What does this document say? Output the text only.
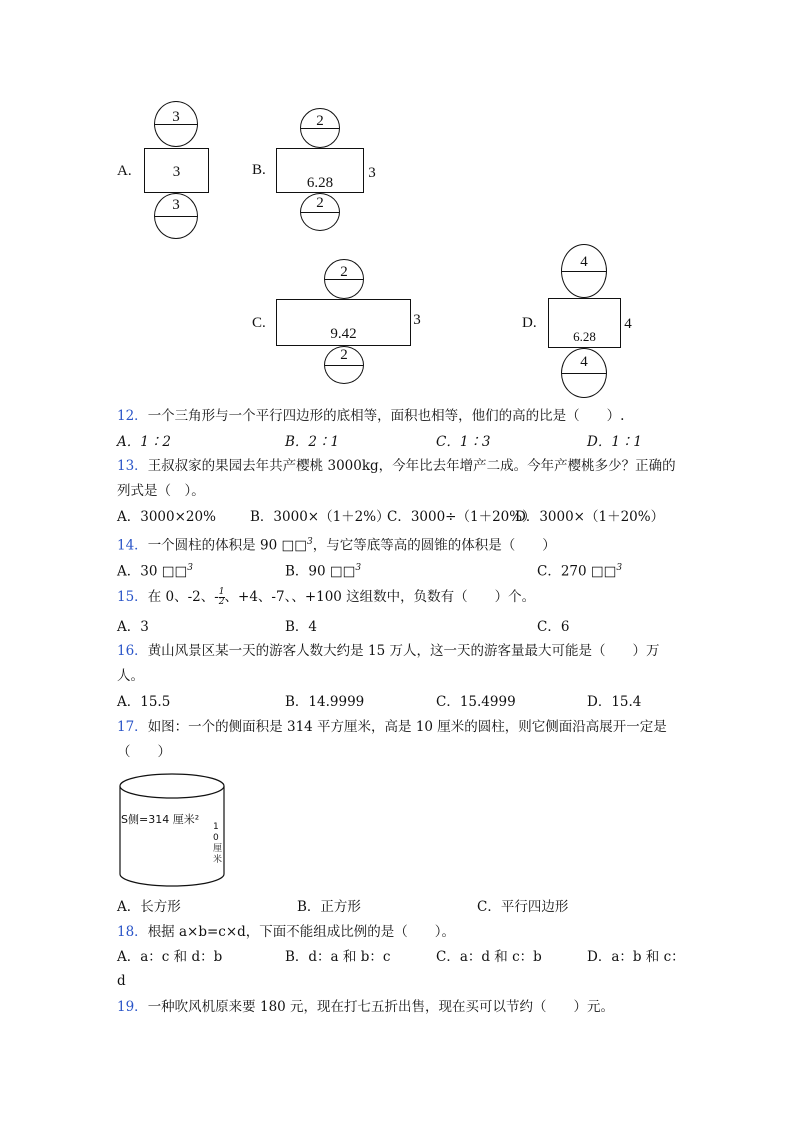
A.
3
3
3
B.
2
6.28
3
2
C.
2
9.42
3
2
D.
4
6.28
4
4
12．一个三角形与一个平行四边形的底相等，面积也相等，他们的高的比是（　　）.
A．1∶2	B．2∶1	C．1∶3	D．1∶1
13．王叔叔家的果园去年共产樱桃 3000kg，今年比去年增产二成。今年产樱桃多少？正确的
列式是（　）。
A．3000×20%	B．3000×（1＋2%）
C．3000÷（1＋20%）
D．3000×（1＋20%）
14．一个圆柱的体积是 90 □□$^3$，与它等底等高的圆锥的体积是（　　）
A．30 □□$^3$	B．90 □□$^3$	C．270 □□$^3$
15．在 0、-2、- $\frac{1}{2}$ 、+4、-7、、+100 这组数中，负数有（　　）个。
A．3	B．4	C．6
16．黄山风景区某一天的游客人数大约是 15 万人，这一天的游客量最大可能是（　　）万
人。
A．15.5	B．14.9999	C．15.4999	D．15.4
17．如图：一个的侧面积是 314 平方厘米，高是 10 厘米的圆柱，则它侧面沿高展开一定是
（　　）
S侧=314 厘米²
10厘米
A．长方形	B．正方形	C．平行四边形
18．根据 a×b=c×d，下面不能组成比例的是（　　）。
A．a：c 和 d：b	B．d：a 和 b：c	C．a：d 和 c：b	D．a：b 和 c：
d
19．一种吹风机原来要 180 元，现在打七五折出售，现在买可以节约（　　）元。
